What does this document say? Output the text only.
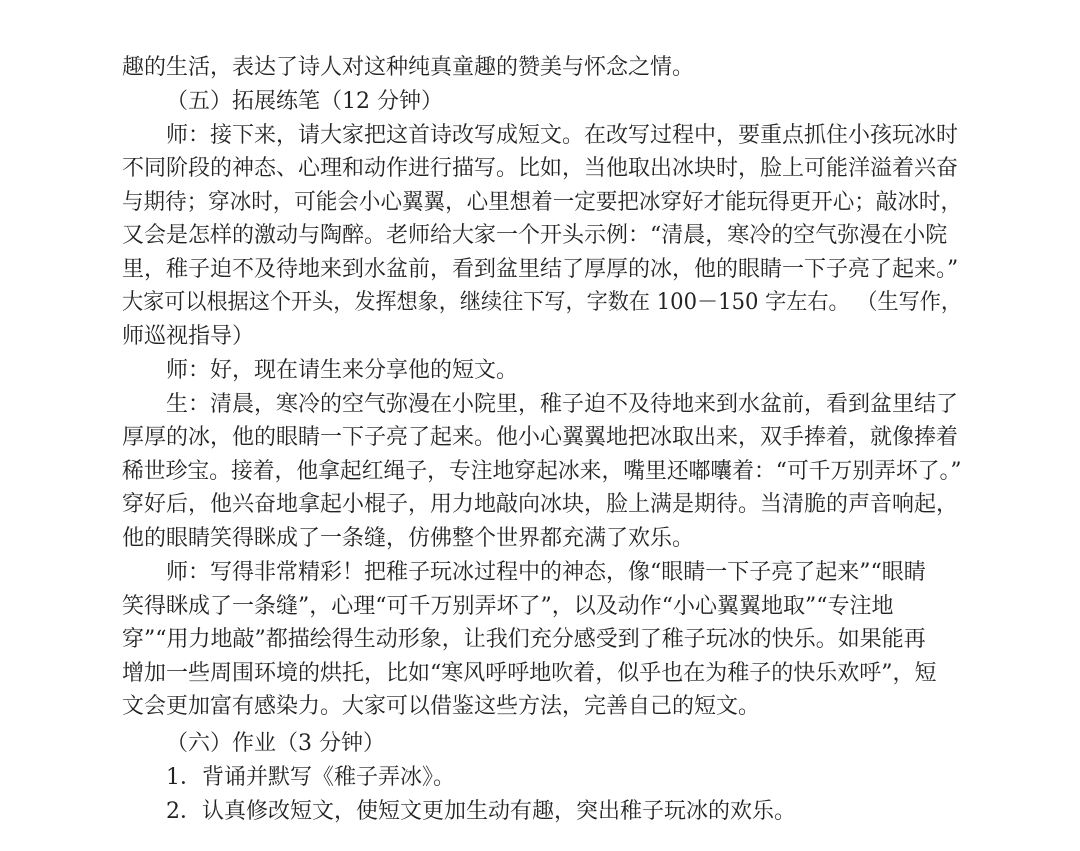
趣的生活，表达了诗人对这种纯真童趣的赞美与怀念之情。
（五）拓展练笔（12 分钟）
师：接下来，请大家把这首诗改写成短文。在改写过程中，要重点抓住小孩玩冰时
不同阶段的神态、心理和动作进行描写。比如，当他取出冰块时，脸上可能洋溢着兴奋
与期待；穿冰时，可能会小心翼翼，心里想着一定要把冰穿好才能玩得更开心；敲冰时，
又会是怎样的激动与陶醉。老师给大家一个开头示例：“清晨，寒冷的空气弥漫在小院
里，稚子迫不及待地来到水盆前，看到盆里结了厚厚的冰，他的眼睛一下子亮了起来。”
大家可以根据这个开头，发挥想象，继续往下写，字数在 100－150 字左右。 （生写作，
师巡视指导）
师：好，现在请生来分享他的短文。
生：清晨，寒冷的空气弥漫在小院里，稚子迫不及待地来到水盆前，看到盆里结了
厚厚的冰，他的眼睛一下子亮了起来。他小心翼翼地把冰取出来，双手捧着，就像捧着
稀世珍宝。接着，他拿起红绳子，专注地穿起冰来，嘴里还嘟囔着：“可千万别弄坏了。”
穿好后，他兴奋地拿起小棍子，用力地敲向冰块，脸上满是期待。当清脆的声音响起，
他的眼睛笑得眯成了一条缝，仿佛整个世界都充满了欢乐。
师：写得非常精彩！把稚子玩冰过程中的神态，像“眼睛一下子亮了起来”“眼睛
笑得眯成了一条缝”，心理“可千万别弄坏了”，以及动作“小心翼翼地取”“专注地
穿”“用力地敲”都描绘得生动形象，让我们充分感受到了稚子玩冰的快乐。如果能再
增加一些周围环境的烘托，比如“寒风呼呼地吹着，似乎也在为稚子的快乐欢呼”，短
文会更加富有感染力。大家可以借鉴这些方法，完善自己的短文。
（六）作业（3 分钟）
1．背诵并默写《稚子弄冰》。
2．认真修改短文，使短文更加生动有趣，突出稚子玩冰的欢乐。
